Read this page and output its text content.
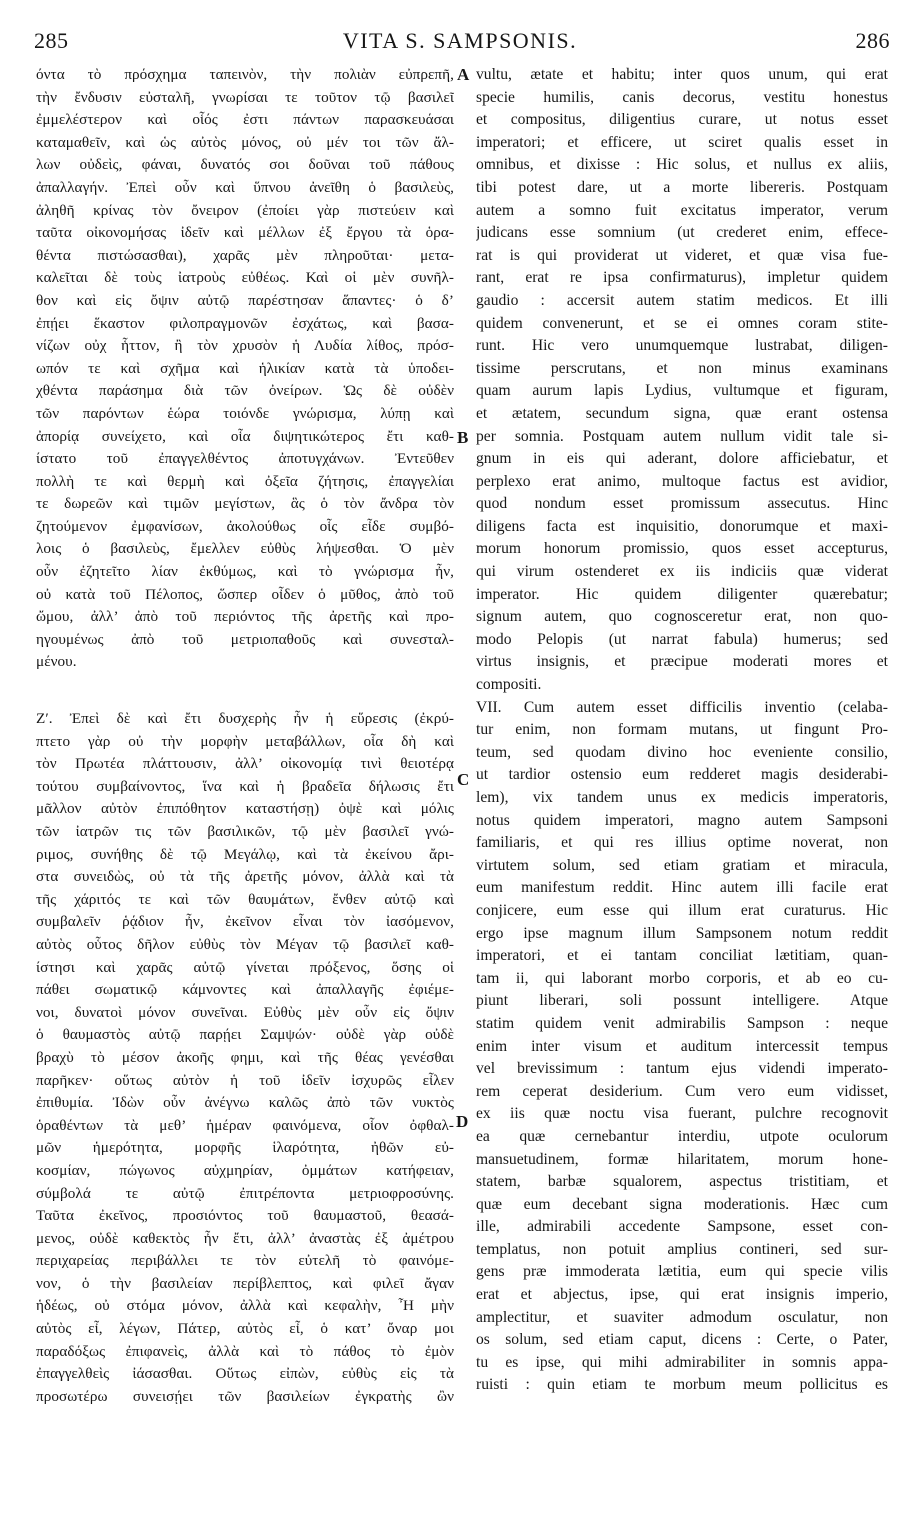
285	VITA S. SAMPSONIS.	286
A
B
C
D
όντα τὸ πρόσχημα ταπεινὸν, τὴν πολιὰν εὐπρεπῆ,
τὴν ἔνδυσιν εὐσταλῆ, γνωρίσαι τε τοῦτον τῷ βασιλεῖ
ἐμμελέστερον καὶ οἷός ἐστι πάντων παρασκευάσαι
καταμαθεῖν, καὶ ὡς αὐτὸς μόνος, οὐ μέν τοι τῶν ἄλ-
λων οὐδεὶς, φάναι, δυνατός σοι δοῦναι τοῦ πάθους
ἀπαλλαγήν. Ἐπεὶ οὖν καὶ ὕπνου ἀνεῖθη ὁ βασιλεὺς,
ἀληθῆ κρίνας τὸν ὄνειρον (ἐποίει γὰρ πιστεύειν καὶ
ταῦτα οἰκονομήσας ἰδεῖν καὶ μέλλων ἐξ ἔργου τὰ ὁρα-
θέντα πιστώσασθαι), χαρᾶς μὲν πληροῦται· μετα-
καλεῖται δὲ τοὺς ἰατροὺς εὐθέως. Καὶ οἱ μὲν συνῆλ-
θον καὶ εἰς ὄψιν αὐτῷ παρέστησαν ἅπαντες· ὁ δ’
ἐπῄει ἕκαστον φιλοπραγμονῶν ἐσχάτως, καὶ βασα-
νίζων οὐχ ἧττον, ἢ τὸν χρυσὸν ἡ Λυδία λίθος, πρόσ-
ωπόν τε καὶ σχῆμα καὶ ἡλικίαν κατὰ τὰ ὑποδει-
χθέντα παράσημα διὰ τῶν ὀνείρων. Ὡς δὲ οὐδὲν
τῶν παρόντων ἑώρα τοιόνδε γνώρισμα, λύπῃ καὶ
ἀπορίᾳ συνείχετο, καὶ οἷα διψητικώτερος ἔτι καθ-
ίστατο τοῦ ἐπαγγελθέντος ἀποτυγχάνων. Ἐντεῦθεν
πολλὴ τε καὶ θερμὴ καὶ ὀξεῖα ζήτησις, ἐπαγγελίαι
τε δωρεῶν καὶ τιμῶν μεγίστων, ἃς ὁ τὸν ἄνδρα τὸν
ζητούμενον ἐμφανίσων, ἀκολούθως οἷς εἶδε συμβό-
λοις ὁ βασιλεὺς, ἔμελλεν εὐθὺς λήψεσθαι. Ὁ μὲν
οὖν ἐζητεῖτο λίαν ἐκθύμως, καὶ τὸ γνώρισμα ἦν,
οὐ κατὰ τοῦ Πέλοπος, ὥσπερ οἶδεν ὁ μῦθος, ἀπὸ τοῦ
ὤμου, ἀλλ’ ἀπὸ τοῦ περιόντος τῆς ἀρετῆς καὶ προ-
ηγουμένως ἀπὸ τοῦ μετριοπαθοῦς καὶ συνεσταλ-
μένου.
Ζ′. Ἐπεὶ δὲ καὶ ἔτι δυσχερὴς ἦν ἡ εὕρεσις (ἐκρύ-
πτετο γὰρ οὐ τὴν μορφὴν μεταβάλλων, οἷα δὴ καὶ
τὸν Πρωτέα πλάττουσιν, ἀλλ’ οἰκονομίᾳ τινὶ θειοτέρᾳ
τούτου συμβαίνοντος, ἵνα καὶ ἡ βραδεῖα δήλωσις ἔτι
μᾶλλον αὐτὸν ἐπιπόθητον καταστήσῃ) ὀψὲ καὶ μόλις
τῶν ἰατρῶν τις τῶν βασιλικῶν, τῷ μὲν βασιλεῖ γνώ-
ριμος, συνήθης δὲ τῷ Μεγάλῳ, καὶ τὰ ἐκείνου ἄρι-
στα συνειδὼς, οὐ τὰ τῆς ἀρετῆς μόνον, ἀλλὰ καὶ τὰ
τῆς χάριτός τε καὶ τῶν θαυμάτων, ἔνθεν αὐτῷ καὶ
συμβαλεῖν ῥᾴδιον ἦν, ἐκεῖνον εἶναι τὸν ἰασόμενον,
αὐτὸς οὗτος δῆλον εὐθὺς τὸν Μέγαν τῷ βασιλεῖ καθ-
ίστησι καὶ χαρᾶς αὐτῷ γίνεται πρόξενος, ὅσης οἱ
πάθει σωματικῷ κάμνοντες καὶ ἀπαλλαγῆς ἐφιέμε-
νοι, δυνατοὶ μόνον συνεῖναι. Εὐθὺς μὲν οὖν εἰς ὄψιν
ὁ θαυμαστὸς αὐτῷ παρῄει Σαμψών· οὐδὲ γὰρ οὐδὲ
βραχὺ τὸ μέσον ἀκοῆς φημι, καὶ τῆς θέας γενέσθαι
παρῆκεν· οὕτως αὐτὸν ἡ τοῦ ἰδεῖν ἰσχυρῶς εἶλεν
ἐπιθυμία. Ἰδὼν οὖν ἀνέγνω καλῶς ἀπὸ τῶν νυκτὸς
ὁραθέντων τὰ μεθ’ ἡμέραν φαινόμενα, οἷον ὀφθαλ-
μῶν ἡμερότητα, μορφῆς ἱλαρότητα, ἠθῶν εὐ-
κοσμίαν, πώγωνος αὐχμηρίαν, ὀμμάτων κατήφειαν,
σύμβολά τε αὐτῷ ἐπιτρέποντα μετριοφροσύνης.
Ταῦτα ἐκεῖνος, προσιόντος τοῦ θαυμαστοῦ, θεασά-
μενος, οὐδὲ καθεκτὸς ἦν ἔτι, ἀλλ’ ἀναστὰς ἐξ ἀμέτρου
περιχαρείας περιβάλλει τε τὸν εὐτελῆ τὸ φαινόμε-
νον, ὁ τὴν βασιλείαν περίβλεπτος, καὶ φιλεῖ ἄγαν
ἡδέως, οὐ στόμα μόνον, ἀλλὰ καὶ κεφαλὴν, Ἦ μὴν
αὐτὸς εἶ, λέγων, Πάτερ, αὐτὸς εἶ, ὁ κατ’ ὄναρ μοι
παραδόξως ἐπιφανεὶς, ἀλλὰ καὶ τὸ πάθος τὸ ἐμὸν
ἐπαγγελθεὶς ἰάσασθαι. Οὕτως εἰπὼν, εὐθὺς εἰς τὰ
προσωτέρω συνεισῄει τῶν βασιλείων ἐγκρατὴς ὢν
vultu, ætate et habitu; inter quos unum, qui erat
specie humilis, canis decorus, vestitu honestus
et compositus, diligentius curare, ut notus esset
imperatori; et efficere, ut sciret qualis esset in
omnibus, et dixisse : Hic solus, et nullus ex aliis,
tibi potest dare, ut a morte libereris. Postquam
autem a somno fuit excitatus imperator, verum
judicans esse somnium (ut crederet enim, effece-
rat is qui providerat ut videret, et quæ visa fue-
rant, erat re ipsa confirmaturus), impletur quidem
gaudio : accersit autem statim medicos. Et illi
quidem convenerunt, et se ei omnes coram stite-
runt. Hic vero unumquemque lustrabat, diligen-
tissime perscrutans, et non minus examinans
quam aurum lapis Lydius, vultumque et figuram,
et ætatem, secundum signa, quæ erant ostensa
per somnia. Postquam autem nullum vidit tale si-
gnum in eis qui aderant, dolore afficiebatur, et
perplexo erat animo, multoque factus est avidior,
quod nondum esset promissum assecutus. Hinc
diligens facta est inquisitio, donorumque et maxi-
morum honorum promissio, quos esset accepturus,
qui virum ostenderet ex iis indiciis quæ viderat
imperator. Hic quidem diligenter quærebatur;
signum autem, quo cognosceretur erat, non quo-
modo Pelopis (ut narrat fabula) humerus; sed
virtus insignis, et præcipue moderati mores et
compositi.
VII. Cum autem esset difficilis inventio (celaba-
tur enim, non formam mutans, ut fingunt Pro-
teum, sed quodam divino hoc eveniente consilio,
ut tardior ostensio eum redderet magis desiderabi-
lem), vix tandem unus ex medicis imperatoris,
notus quidem imperatori, magno autem Sampsoni
familiaris, et qui res illius optime noverat, non
virtutem solum, sed etiam gratiam et miracula,
eum manifestum reddit. Hinc autem illi facile erat
conjicere, eum esse qui illum erat curaturus. Hic
ergo ipse magnum illum Sampsonem notum reddit
imperatori, et ei tantam conciliat lætitiam, quan-
tam ii, qui laborant morbo corporis, et ab eo cu-
piunt liberari, soli possunt intelligere. Atque
statim quidem venit admirabilis Sampson : neque
enim inter visum et auditum intercessit tempus
vel brevissimum : tantum ejus videndi imperato-
rem ceperat desiderium. Cum vero eum vidisset,
ex iis quæ noctu visa fuerant, pulchre recognovit
ea quæ cernebantur interdiu, utpote oculorum
mansuetudinem, formæ hilaritatem, morum hone-
statem, barbæ squalorem, aspectus tristitiam, et
quæ eum decebant signa moderationis. Hæc cum
ille, admirabili accedente Sampsone, esset con-
templatus, non potuit amplius contineri, sed sur-
gens præ immoderata lætitia, eum qui specie vilis
erat et abjectus, ipse, qui erat insignis imperio,
amplectitur, et suaviter admodum osculatur, non
os solum, sed etiam caput, dicens : Certe, o Pater,
tu es ipse, qui mihi admirabiliter in somnis appa-
ruisti : quin etiam te morbum meum pollicitus es
